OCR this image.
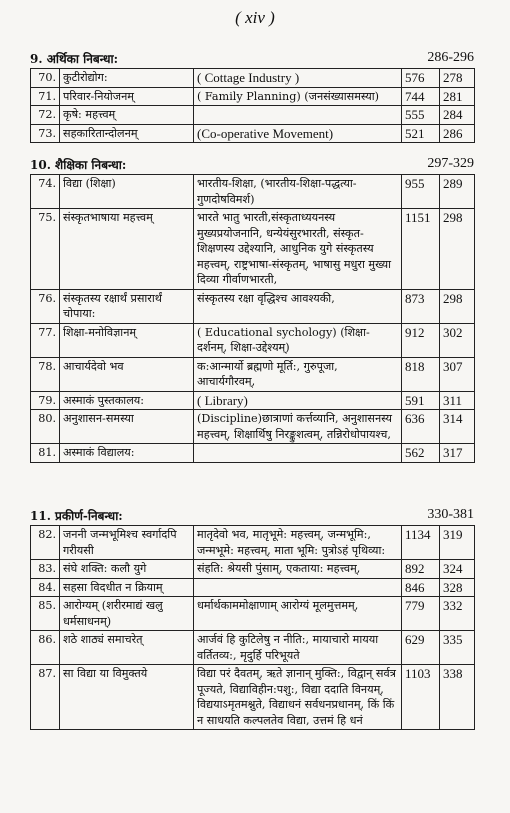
( xiv )
9. अर्थिका निबन्धा:	286-296
70.	कुटीरोद्योग:	( Cottage Industry )	576	278
71.	परिवार-नियोजनम्	( Family Planning) (जनसंख्यासमस्या)	744	281
72.	कृषे: महत्त्वम्		555	284
73.	सहकारितान्दोलनम्	(Co-operative Movement)	521	286
10. शैक्षिका निबन्धा:	297-329
74.	विद्या (शिक्षा)	भारतीय-शिक्षा, (भारतीय-शिक्षा-पद्धत्या-गुणदोषविमर्श)	955	289
75.	संस्कृतभाषाया महत्त्वम्	भारते भातु भारती,संस्कृताध्ययनस्य मुख्यप्रयोजनानि, धन्येयंसुरभारती, संस्कृत-शिक्षणस्य उद्देश्यानि, आधुनिक युगे संस्कृतस्य महत्त्वम्, राष्ट्रभाषा-संस्कृतम्, भाषासु मधुरा मुख्या दिव्या गीर्वाणभारती,	1151	298
76.	संस्कृतस्य रक्षार्थं प्रसारार्थं चोपाया:	संस्कृतस्य रक्षा वृद्धिश्च आवश्यकी,	873	298
77.	शिक्षा-मनोविज्ञानम्	( Educational sychology) (शिक्षा-दर्शनम्, शिक्षा-उद्देश्यम्)	912	302
78.	आचार्यदेवो भव	क:आन्मार्यो ब्रह्मणो मूर्ति:, गुरुपूजा, आचार्यगौरवम्,	818	307
79.	अस्माकं पुस्तकालय:	( Library)	591	311
80.	अनुशासन-समस्या	(Discipline)छात्राणां कर्त्तव्यानि, अनुशासनस्य महत्त्वम्, शिक्षार्थिषु निरङ्कुशत्वम्, तन्निरोधोपायश्च,	636	314
81.	अस्माकं विद्यालय:		562	317
11. प्रकीर्ण-निबन्धा:	330-381
82.	जननी जन्मभूमिश्च स्वर्गादपि गरीयसी	मातृदेवो भव, मातृभूमे: महत्त्वम्, जन्मभूमि:, जन्मभूमे: महत्त्वम्, माता भूमि: पुत्रोऽहं पृथिव्या:	1134	319
83.	संघे शक्ति: कलौ युगे	संहति: श्रेयसी पुंसाम्, एकताया: महत्त्वम्,	892	324
84.	सहसा विदधीत न क्रियाम्		846	328
85.	आरोग्यम् (शरीरमाद्यं खलु धर्मसाधनम्)	धर्मार्थकाममोक्षाणाम् आरोग्यं मूलमुत्तमम्,	779	332
86.	शठे शाठ्यं समाचरेत्	आर्जवं हि कुटिलेषु न नीति:, मायाचारो मायया वर्तितव्य:, मृदुर्हि परिभूयते	629	335
87.	सा विद्या या विमुक्तये	विद्या परं दैवतम्, ऋते ज्ञानान् मुक्ति:, विद्वान् सर्वत्र पूज्यते, विद्याविहीन:पशु:, विद्या ददाति विनयम्, विद्ययाऽमृतमश्नुते, विद्याधनं सर्वधनप्रधानम्, किं किं न साधयति कल्पलतेव विद्या, उत्तमं हि धनं	1103	338
